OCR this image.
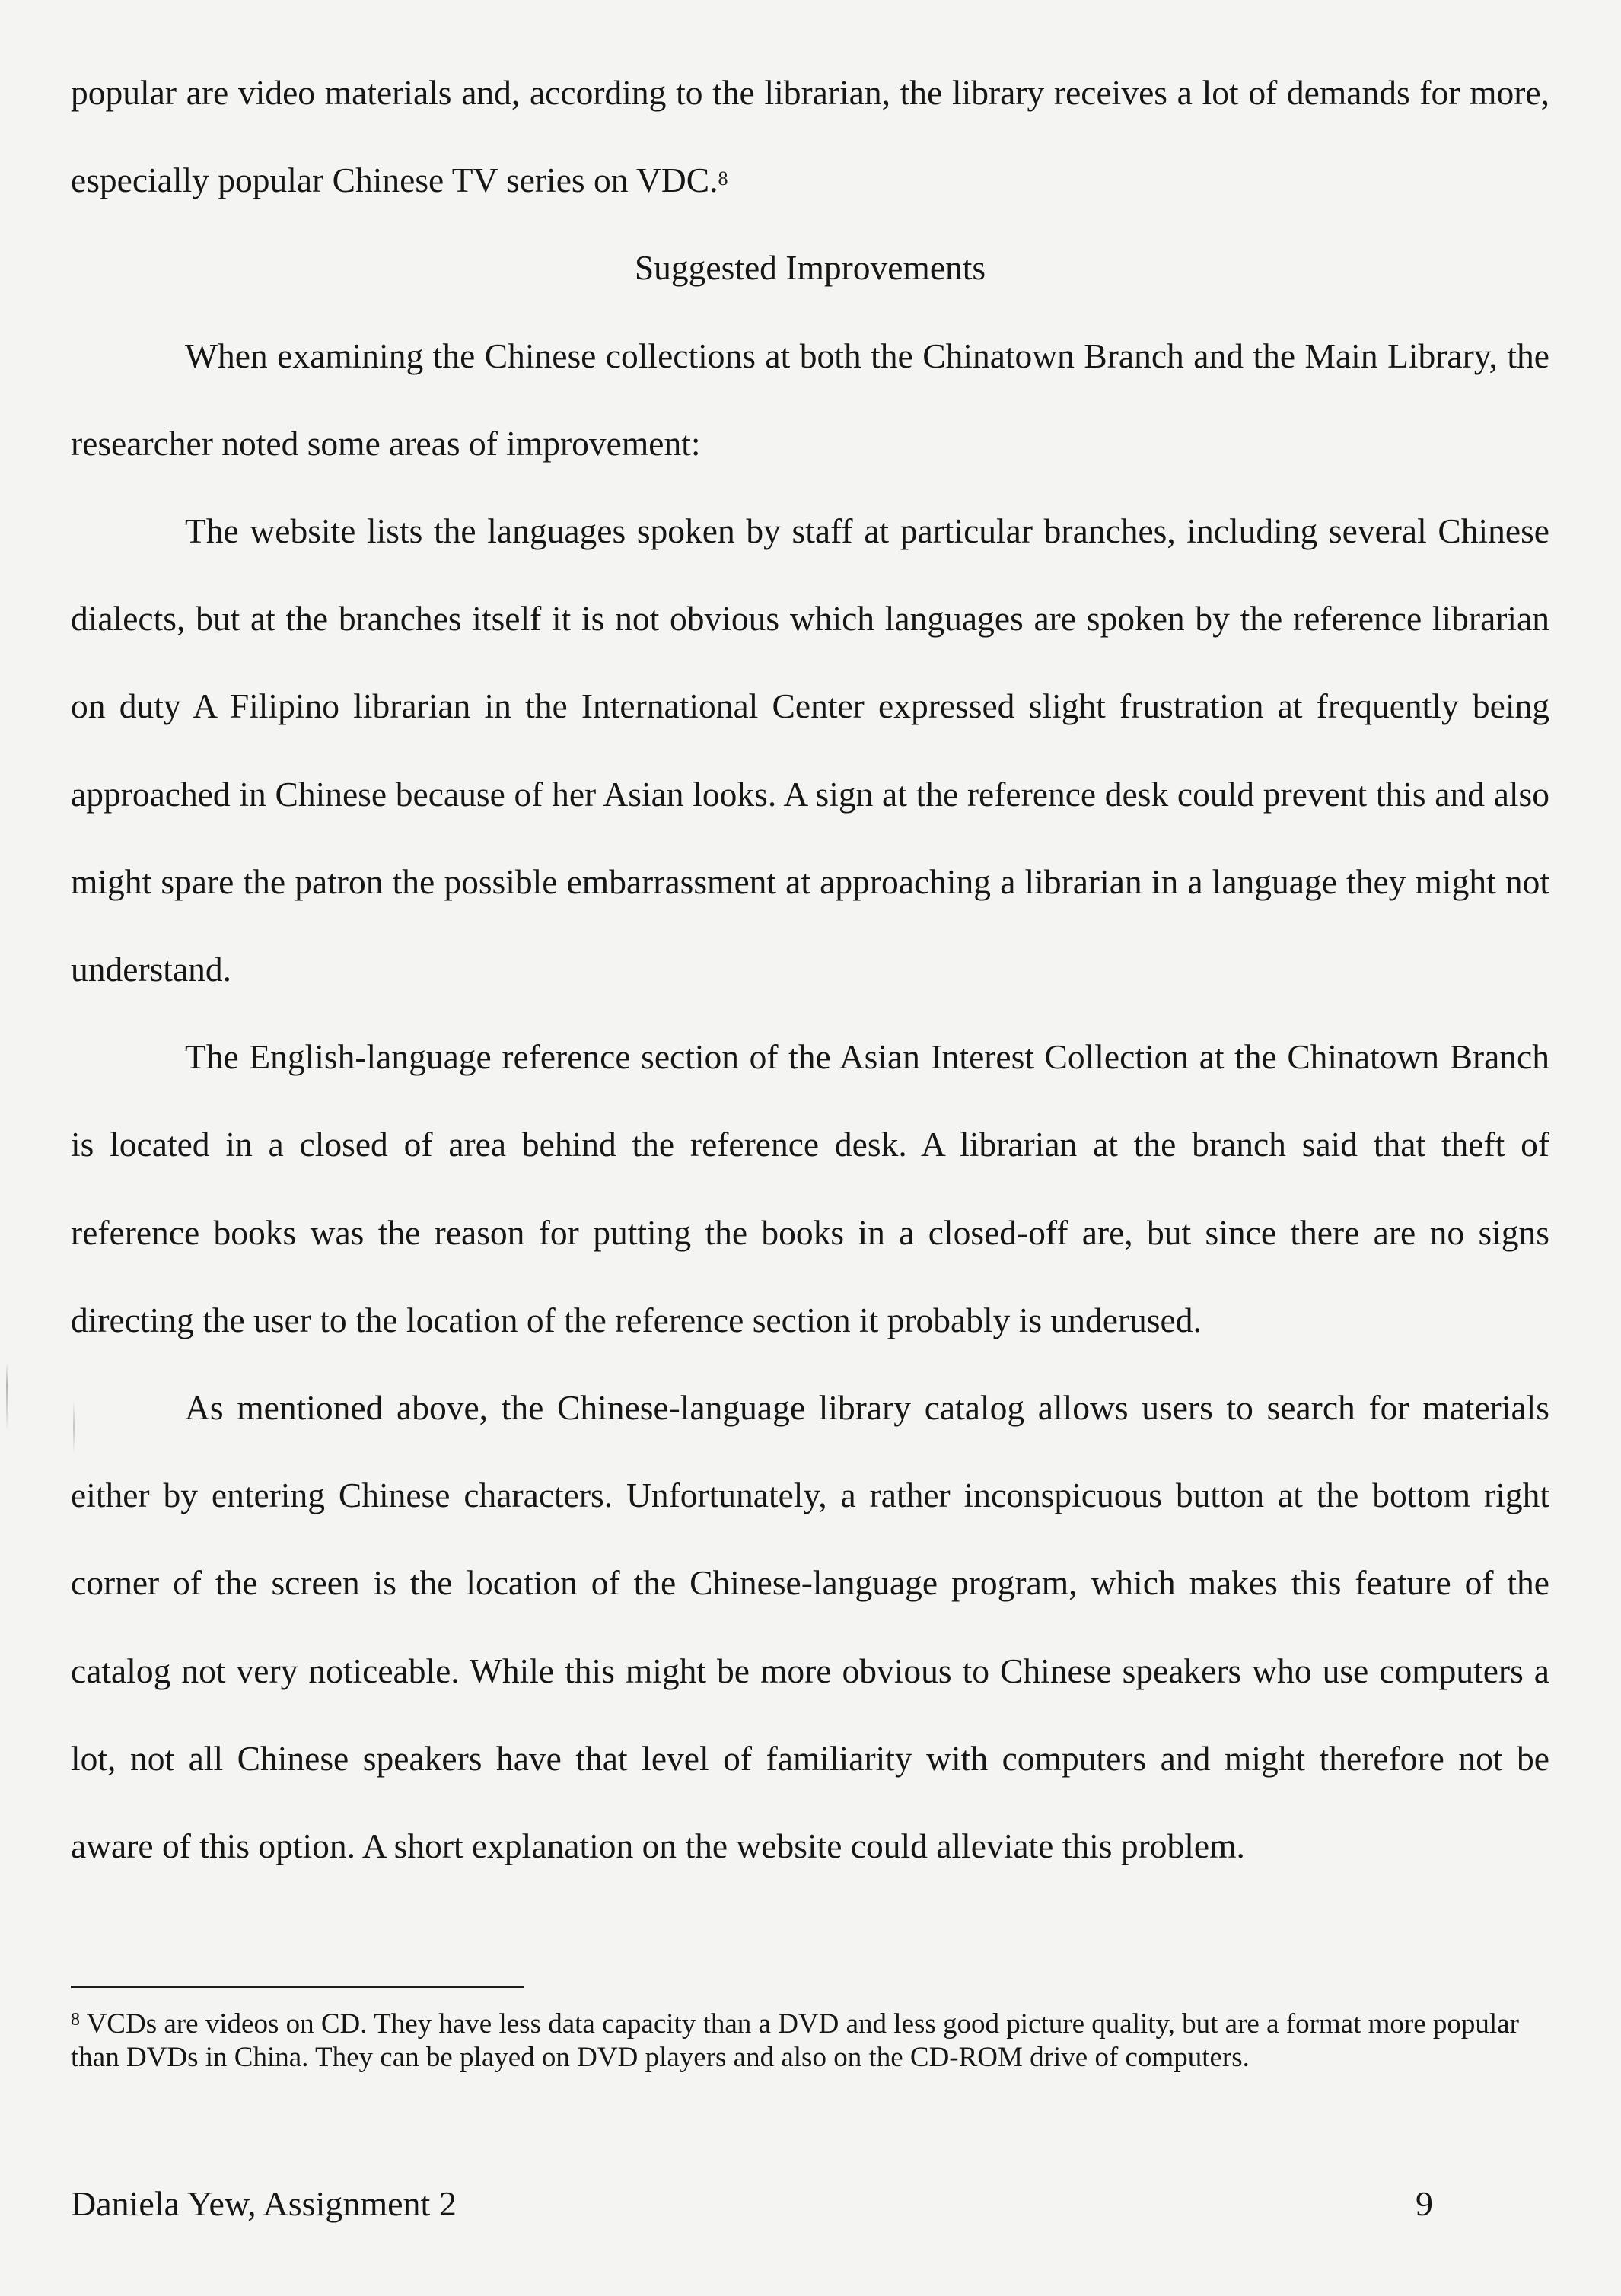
popular are video materials and, according to the librarian, the library receives a lot of demands for more, especially popular Chinese TV series on VDC.$^8$

Suggested Improvements

When examining the Chinese collections at both the Chinatown Branch and the Main Library, the researcher noted some areas of improvement:

The website lists the languages spoken by staff at particular branches, including several Chinese dialects, but at the branches itself it is not obvious which languages are spoken by the reference librarian on duty A Filipino librarian in the International Center expressed slight frustration at frequently being approached in Chinese because of her Asian looks. A sign at the reference desk could prevent this and also might spare the patron the possible embarrassment at approaching a librarian in a language they might not understand.

The English-language reference section of the Asian Interest Collection at the Chinatown Branch is located in a closed of area behind the reference desk. A librarian at the branch said that theft of reference books was the reason for putting the books in a closed-off are, but since there are no signs directing the user to the location of the reference section it probably is underused.

As mentioned above, the Chinese-language library catalog allows users to search for materials either by entering Chinese characters. Unfortunately, a rather inconspicuous button at the bottom right corner of the screen is the location of the Chinese-language program, which makes this feature of the catalog not very noticeable. While this might be more obvious to Chinese speakers who use computers a lot, not all Chinese speakers have that level of familiarity with computers and might therefore not be aware of this option. A short explanation on the website could alleviate this problem.

$^8$ VCDs are videos on CD. They have less data capacity than a DVD and less good picture quality, but are a format more popular than DVDs in China. They can be played on DVD players and also on the CD-ROM drive of computers.

Daniela Yew, Assignment 2	9
